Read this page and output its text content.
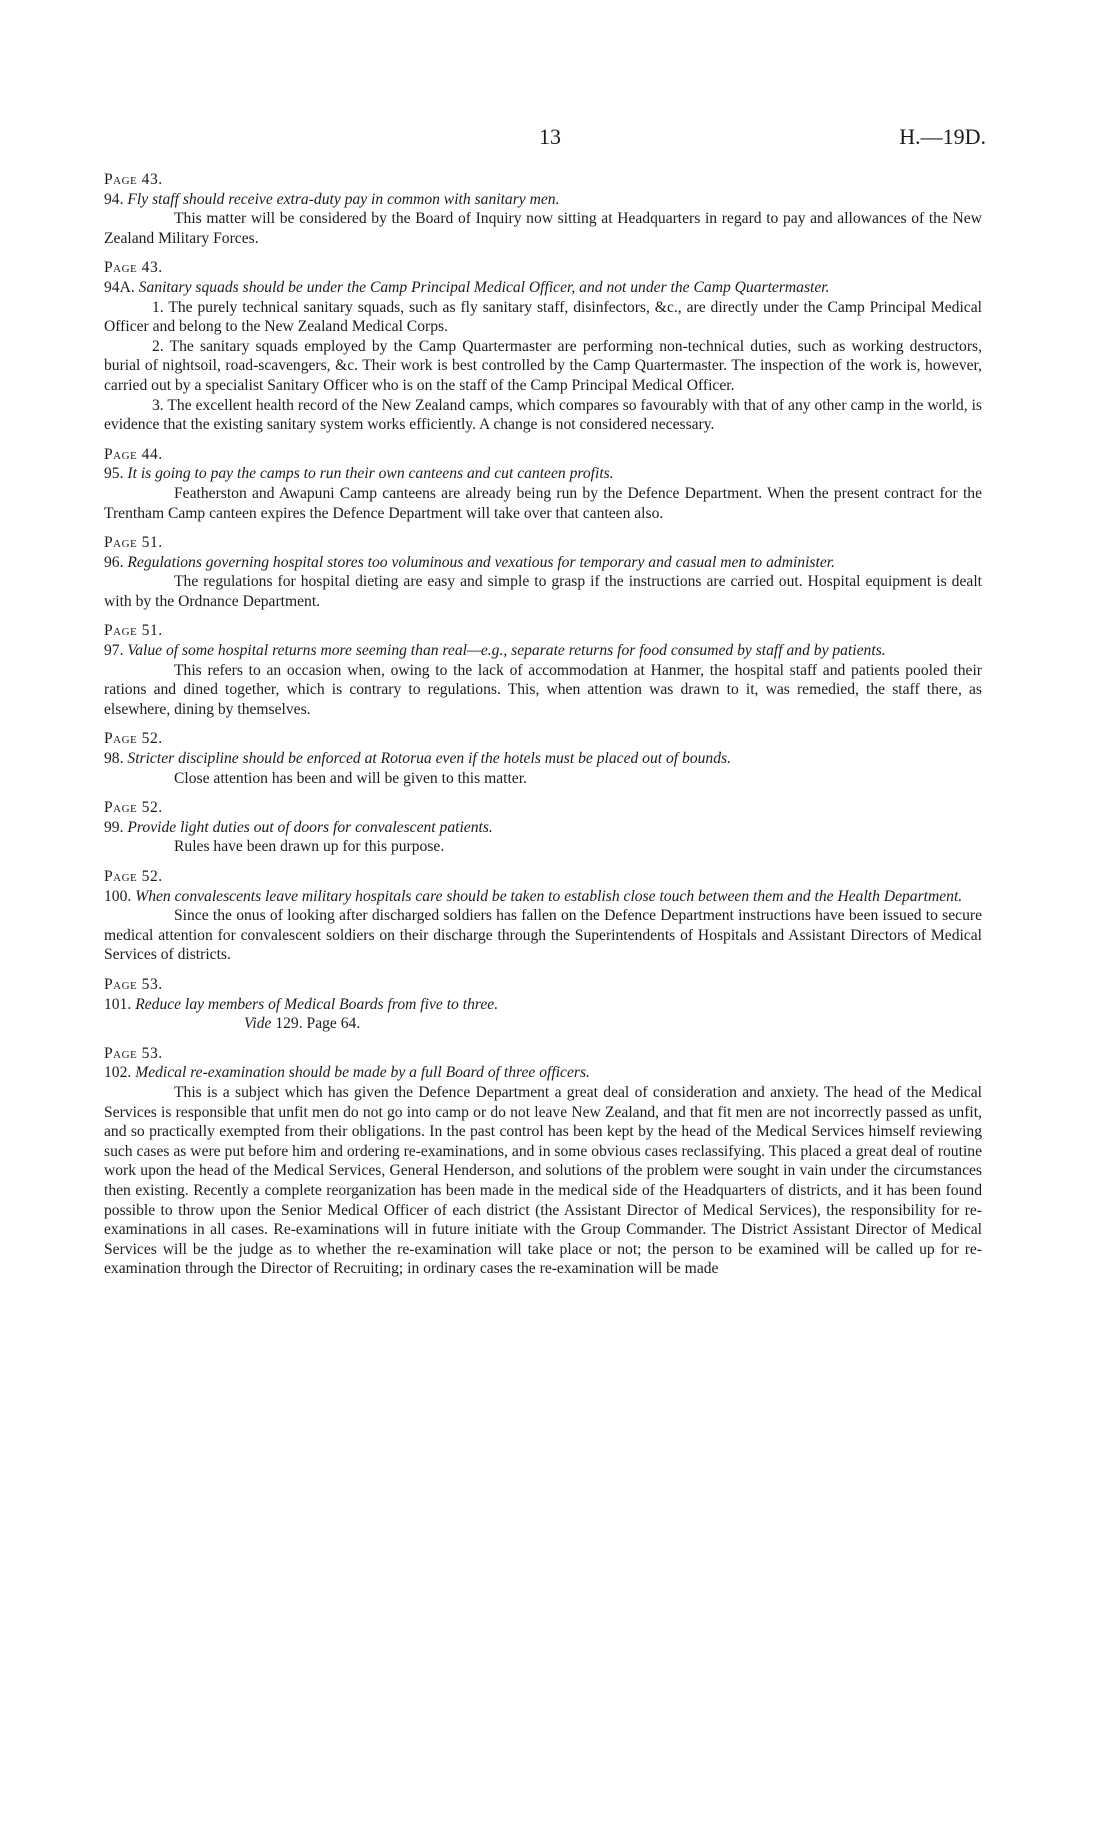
13	H.—19D.
Page 43.
94. Fly staff should receive extra-duty pay in common with sanitary men.
This matter will be considered by the Board of Inquiry now sitting at Headquarters in regard to pay and allowances of the New Zealand Military Forces.
Page 43.
94A. Sanitary squads should be under the Camp Principal Medical Officer, and not under the Camp Quartermaster.
1. The purely technical sanitary squads, such as fly sanitary staff, disinfectors, &c., are directly under the Camp Principal Medical Officer and belong to the New Zealand Medical Corps.
2. The sanitary squads employed by the Camp Quartermaster are performing non-technical duties, such as working destructors, burial of nightsoil, road-scavengers, &c. Their work is best controlled by the Camp Quartermaster. The inspection of the work is, however, carried out by a specialist Sanitary Officer who is on the staff of the Camp Principal Medical Officer.
3. The excellent health record of the New Zealand camps, which compares so favourably with that of any other camp in the world, is evidence that the existing sanitary system works efficiently. A change is not considered necessary.
Page 44.
95. It is going to pay the camps to run their own canteens and cut canteen profits.
Featherston and Awapuni Camp canteens are already being run by the Defence Department. When the present contract for the Trentham Camp canteen expires the Defence Department will take over that canteen also.
Page 51.
96. Regulations governing hospital stores too voluminous and vexatious for temporary and casual men to administer.
The regulations for hospital dieting are easy and simple to grasp if the instructions are carried out. Hospital equipment is dealt with by the Ordnance Department.
Page 51.
97. Value of some hospital returns more seeming than real—e.g., separate returns for food consumed by staff and by patients.
This refers to an occasion when, owing to the lack of accommodation at Hanmer, the hospital staff and patients pooled their rations and dined together, which is contrary to regulations. This, when attention was drawn to it, was remedied, the staff there, as elsewhere, dining by themselves.
Page 52.
98. Stricter discipline should be enforced at Rotorua even if the hotels must be placed out of bounds.
Close attention has been and will be given to this matter.
Page 52.
99. Provide light duties out of doors for convalescent patients.
Rules have been drawn up for this purpose.
Page 52.
100. When convalescents leave military hospitals care should be taken to establish close touch between them and the Health Department.
Since the onus of looking after discharged soldiers has fallen on the Defence Department instructions have been issued to secure medical attention for convalescent soldiers on their discharge through the Superintendents of Hospitals and Assistant Directors of Medical Services of districts.
Page 53.
101. Reduce lay members of Medical Boards from five to three.
Vide 129. Page 64.
Page 53.
102. Medical re-examination should be made by a full Board of three officers.
This is a subject which has given the Defence Department a great deal of consideration and anxiety. The head of the Medical Services is responsible that unfit men do not go into camp or do not leave New Zealand, and that fit men are not incorrectly passed as unfit, and so practically exempted from their obligations. In the past control has been kept by the head of the Medical Services himself reviewing such cases as were put before him and ordering re-examinations, and in some obvious cases reclassifying. This placed a great deal of routine work upon the head of the Medical Services, General Henderson, and solutions of the problem were sought in vain under the circumstances then existing. Recently a complete reorganization has been made in the medical side of the Headquarters of districts, and it has been found possible to throw upon the Senior Medical Officer of each district (the Assistant Director of Medical Services), the responsibility for re-examinations in all cases. Re-examinations will in future initiate with the Group Commander. The District Assistant Director of Medical Services will be the judge as to whether the re-examination will take place or not; the person to be examined will be called up for re-examination through the Director of Recruiting; in ordinary cases the re-examination will be made
